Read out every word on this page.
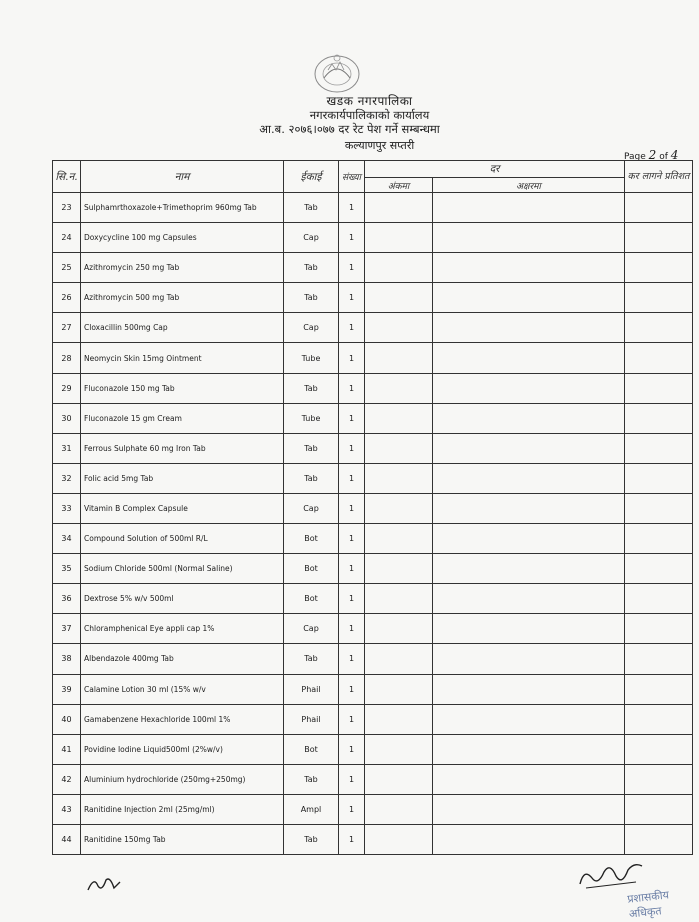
खडक नगरपालिका
नगरकार्यपालिकाको कार्यालय
आ.ब. २०७६।०७७ दर रेट पेश गर्ने सम्बन्धमा
कल्याणपुर सप्तरी
Page 2 of 4
सि.न.	नाम	ईकाई	संख्या	दर		कर लागने प्रतिशत
				अंकमा	अक्षरमा	
23	Sulphamrthoxazole+Trimethoprim 960mg Tab	Tab	1			
24	Doxycycline 100 mg Capsules	Cap	1			
25	Azithromycin 250 mg Tab	Tab	1			
26	Azithromycin 500 mg Tab	Tab	1			
27	Cloxacillin 500mg Cap	Cap	1			
28	Neomycin Skin 15mg Ointment	Tube	1			
29	Fluconazole 150 mg Tab	Tab	1			
30	Fluconazole 15 gm Cream	Tube	1			
31	Ferrous Sulphate 60 mg Iron Tab	Tab	1			
32	Folic acid 5mg Tab	Tab	1			
33	Vitamin B Complex Capsule	Cap	1			
34	Compound Solution of 500ml R/L	Bot	1			
35	Sodium Chloride 500ml (Normal Saline)	Bot	1			
36	Dextrose 5% w/v 500ml	Bot	1			
37	Chloramphenical Eye appli cap 1%	Cap	1			
38	Albendazole 400mg Tab	Tab	1			
39	Calamine Lotion 30 ml (15% w/v	Phail	1			
40	Gamabenzene Hexachloride 100ml 1%	Phail	1			
41	Povidine Iodine Liquid500ml (2%w/v)	Bot	1			
42	Aluminium hydrochloride (250mg+250mg)	Tab	1			
43	Ranitidine Injection 2ml (25mg/ml)	Ampl	1			
44	Ranitidine 150mg Tab	Tab	1			
प्रशासकीय अधिकृत
